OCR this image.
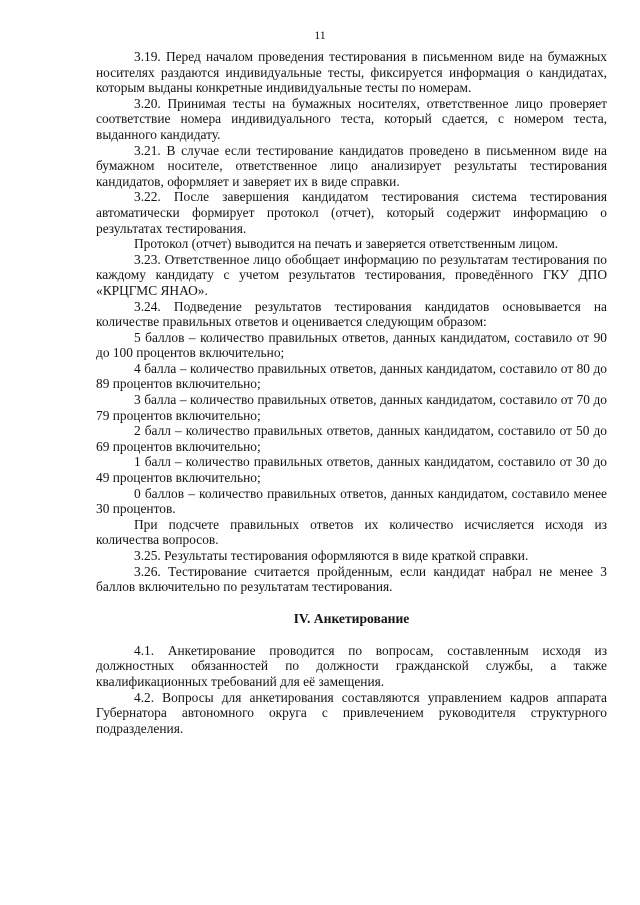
11

3.19. Перед началом проведения тестирования в письменном виде на бумажных носителях раздаются индивидуальные тесты, фиксируется информация о кандидатах, которым выданы конкретные индивидуальные тесты по номерам.

3.20. Принимая тесты на бумажных носителях, ответственное лицо проверяет соответствие номера индивидуального теста, который сдается, с номером теста, выданного кандидату.

3.21. В случае если тестирование кандидатов проведено в письменном виде на бумажном носителе, ответственное лицо анализирует результаты тестирования кандидатов, оформляет и заверяет их в виде справки.

3.22. После завершения кандидатом тестирования система тестирования автоматически формирует протокол (отчет), который содержит информацию о результатах тестирования.

Протокол (отчет) выводится на печать и заверяется ответственным лицом.

3.23. Ответственное лицо обобщает информацию по результатам тестирования по каждому кандидату с учетом результатов тестирования, проведённого ГКУ ДПО «КРЦГМС ЯНАО».

3.24. Подведение результатов тестирования кандидатов основывается на количестве правильных ответов и оценивается следующим образом:

5 баллов – количество правильных ответов, данных кандидатом, составило от 90 до 100 процентов включительно;

4 балла – количество правильных ответов, данных кандидатом, составило от 80 до 89 процентов включительно;

3 балла – количество правильных ответов, данных кандидатом, составило от 70 до 79 процентов включительно;

2 балл – количество правильных ответов, данных кандидатом, составило от 50 до 69 процентов включительно;

1 балл – количество правильных ответов, данных кандидатом, составило от 30 до 49 процентов включительно;

0 баллов – количество правильных ответов, данных кандидатом, составило менее 30 процентов.

При подсчете правильных ответов их количество исчисляется исходя из количества вопросов.

3.25. Результаты тестирования оформляются в виде краткой справки.

3.26. Тестирование считается пройденным, если кандидат набрал не менее 3 баллов включительно по результатам тестирования.

IV. Анкетирование

4.1. Анкетирование проводится по вопросам, составленным исходя из должностных обязанностей по должности гражданской службы, а также квалификационных требований для её замещения.

4.2. Вопросы для анкетирования составляются управлением кадров аппарата Губернатора автономного округа с привлечением руководителя структурного подразделения.
